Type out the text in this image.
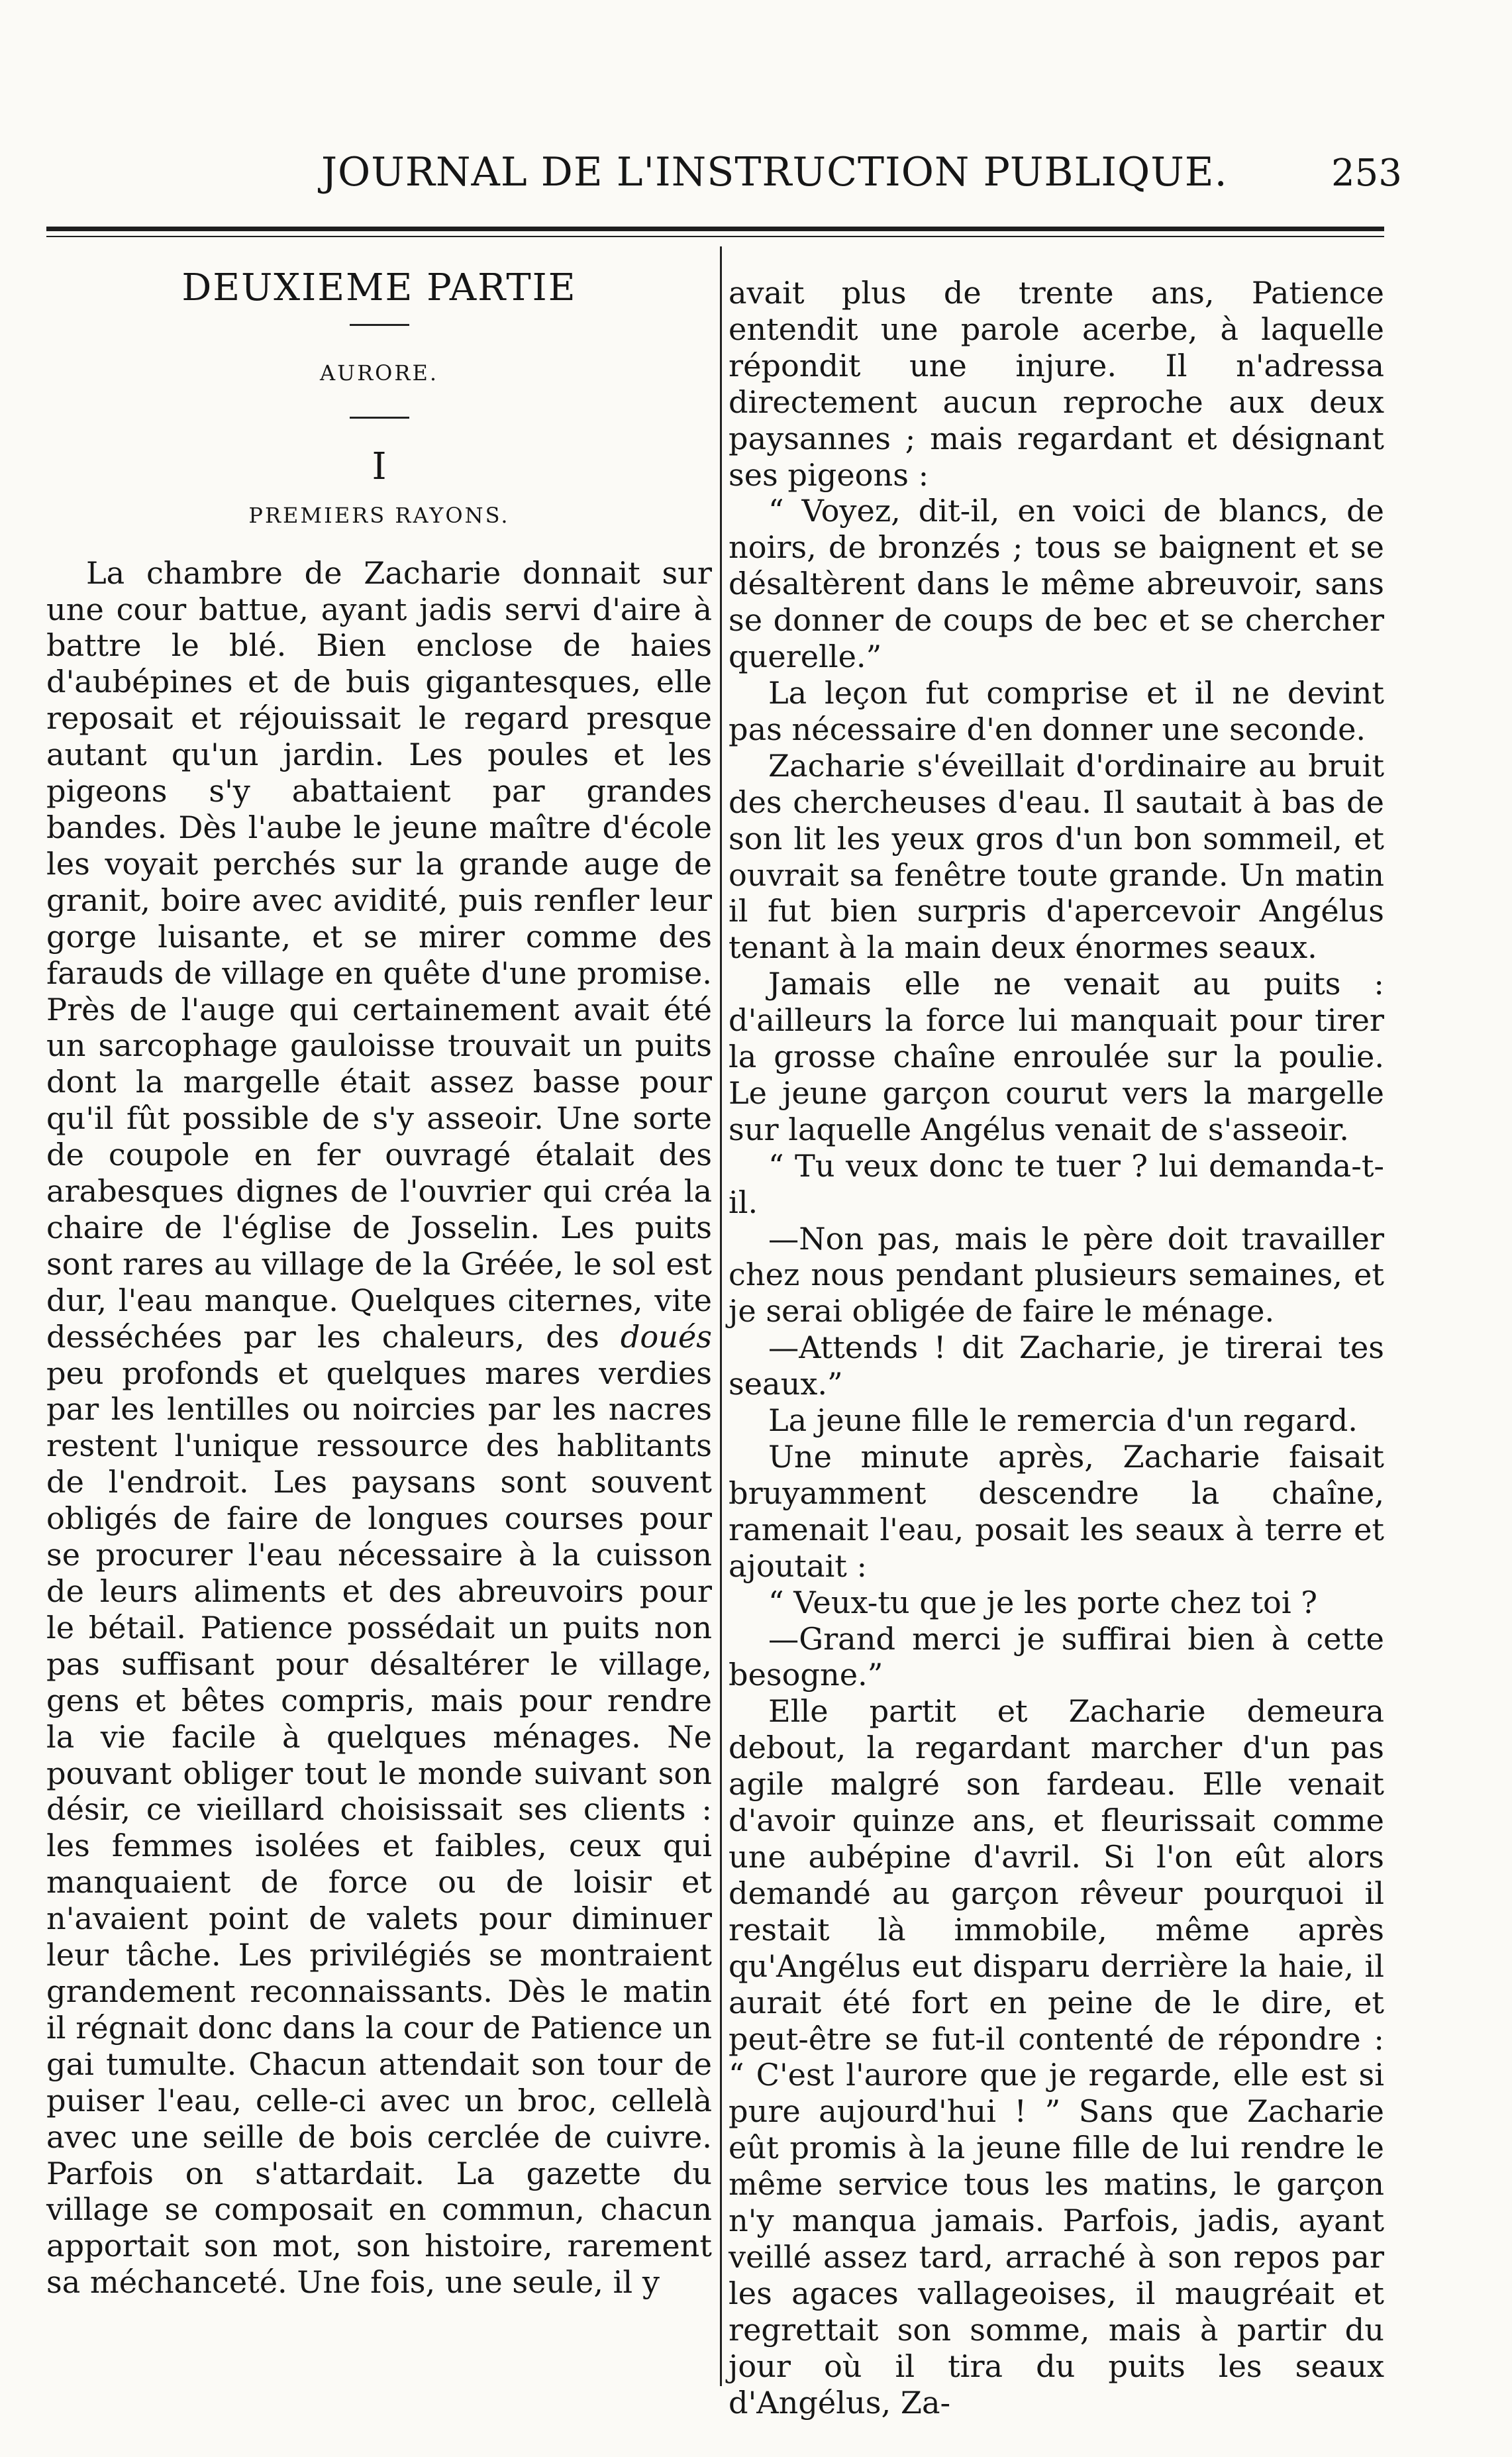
JOURNAL DE L'INSTRUCTION PUBLIQUE.	253
DEUXIEME PARTIE
AURORE.
I
PREMIERS RAYONS.

La chambre de Zacharie donnait sur une cour battue, ayant jadis servi d'aire à battre le blé. Bien enclose de haies d'aubépines et de buis gigantesques, elle reposait et réjouissait le regard presque autant qu'un jardin. Les poules et les pigeons s'y abattaient par grandes bandes. Dès l'aube le jeune maître d'école les voyait perchés sur la grande auge de granit, boire avec avidité, puis renfler leur gorge luisante, et se mirer comme des farauds de village en quête d'une promise. Près de l'auge qui certainement avait été un sarcophage gauloisse trouvait un puits dont la margelle était assez basse pour qu'il fût possible de s'y asseoir. Une sorte de coupole en fer ouvragé étalait des arabesques dignes de l'ouvrier qui créa la chaire de l'église de Josselin. Les puits sont rares au village de la Gréée, le sol est dur, l'eau manque. Quelques citernes, vite desséchées par les chaleurs, des doués peu profonds et quelques mares verdies par les lentilles ou noircies par les nacres restent l'unique ressource des hablitants de l'endroit. Les paysans sont souvent obligés de faire de longues courses pour se procurer l'eau nécessaire à la cuisson de leurs aliments et des abreuvoirs pour le bétail. Patience possédait un puits non pas suffisant pour désaltérer le village, gens et bêtes compris, mais pour rendre la vie facile à quelques ménages. Ne pouvant obliger tout le monde suivant son désir, ce vieillard choisissait ses clients : les femmes isolées et faibles, ceux qui manquaient de force ou de loisir et n'avaient point de valets pour diminuer leur tâche. Les privilégiés se montraient grandement reconnaissants. Dès le matin il régnait donc dans la cour de Patience un gai tumulte. Chacun attendait son tour de puiser l'eau, celle-ci avec un broc, cellelà avec une seille de bois cerclée de cuivre. Parfois on s'attardait. La gazette du village se composait en commun, chacun apportait son mot, son histoire, rarement sa méchanceté. Une fois, une seule, il y

avait plus de trente ans, Patience entendit une parole acerbe, à laquelle répondit une injure. Il n'adressa directement aucun reproche aux deux paysannes ; mais regardant et désignant ses pigeons :

“ Voyez, dit-il, en voici de blancs, de noirs, de bronzés ; tous se baignent et se désaltèrent dans le même abreuvoir, sans se donner de coups de bec et se chercher querelle.”

La leçon fut comprise et il ne devint pas nécessaire d'en donner une seconde.

Zacharie s'éveillait d'ordinaire au bruit des chercheuses d'eau. Il sautait à bas de son lit les yeux gros d'un bon sommeil, et ouvrait sa fenêtre toute grande. Un matin il fut bien surpris d'apercevoir Angélus tenant à la main deux énormes seaux.

Jamais elle ne venait au puits : d'ailleurs la force lui manquait pour tirer la grosse chaîne enroulée sur la poulie. Le jeune garçon courut vers la margelle sur laquelle Angélus venait de s'asseoir.

“ Tu veux donc te tuer ? lui demanda-t-il.

—Non pas, mais le père doit travailler chez nous pendant plusieurs semaines, et je serai obligée de faire le ménage.

—Attends ! dit Zacharie, je tirerai tes seaux.”

La jeune fille le remercia d'un regard.

Une minute après, Zacharie faisait bruyamment descendre la chaîne, ramenait l'eau, posait les seaux à terre et ajoutait :

“ Veux-tu que je les porte chez toi ?

—Grand merci je suffirai bien à cette besogne.”

Elle partit et Zacharie demeura debout, la regardant marcher d'un pas agile malgré son fardeau. Elle venait d'avoir quinze ans, et fleurissait comme une aubépine d'avril. Si l'on eût alors demandé au garçon rêveur pourquoi il restait là immobile, même après qu'Angélus eut disparu derrière la haie, il aurait été fort en peine de le dire, et peut-être se fut-il contenté de répondre : “ C'est l'aurore que je regarde, elle est si pure aujourd'hui ! ” Sans que Zacharie eût promis à la jeune fille de lui rendre le même service tous les matins, le garçon n'y manqua jamais. Parfois, jadis, ayant veillé assez tard, arraché à son repos par les agaces vallageoises, il maugréait et regrettait son somme, mais à partir du jour où il tira du puits les seaux d'Angélus, Za-
